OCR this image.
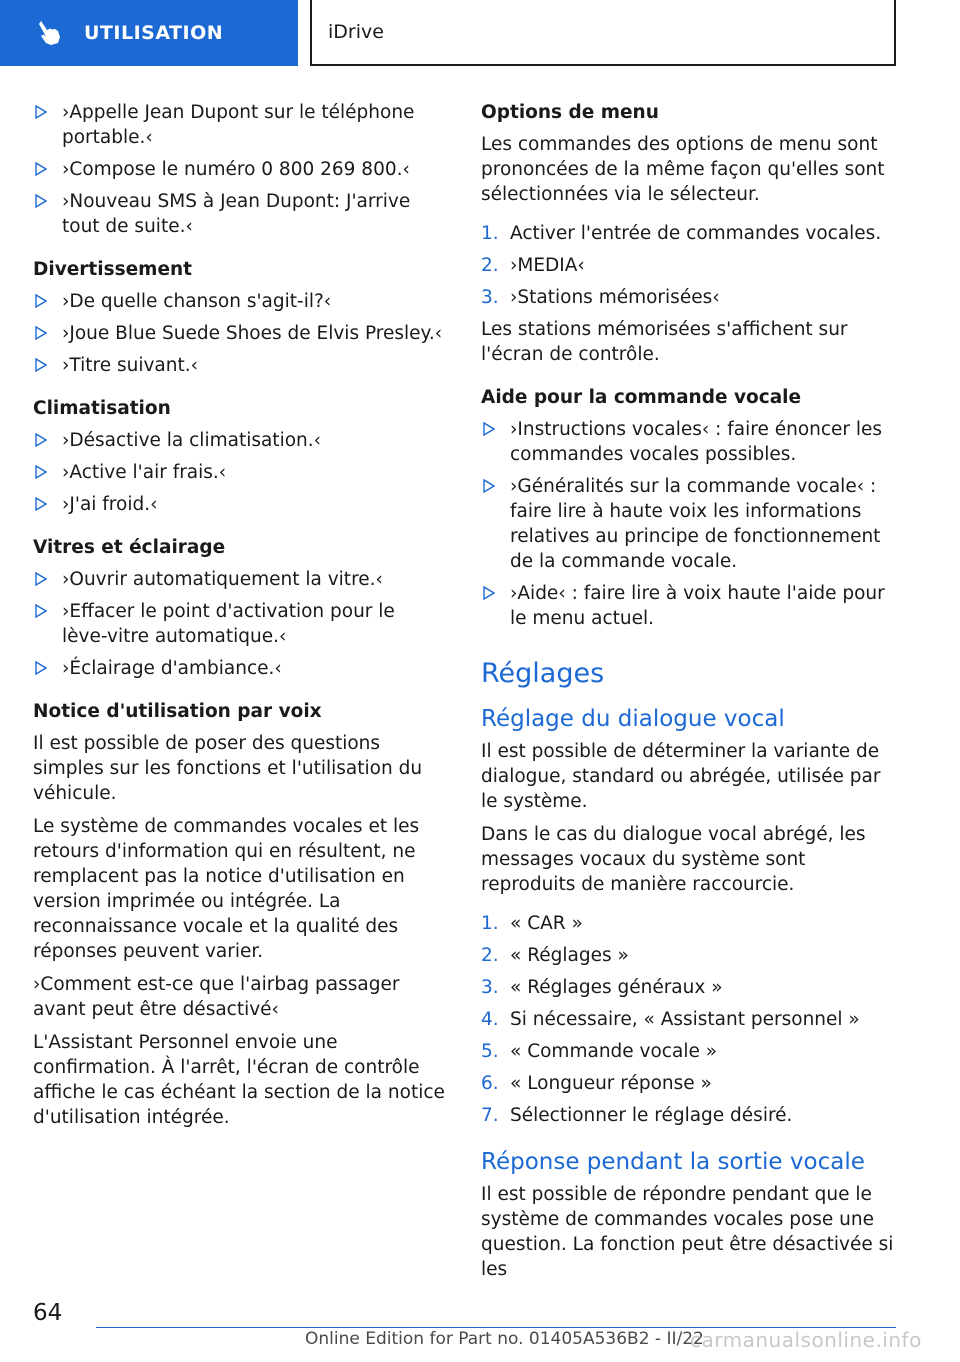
UTILISATION	iDrive
›Appelle Jean Dupont sur le téléphone portable.‹
›Compose le numéro 0 800 269 800.‹
›Nouveau SMS à Jean Dupont: J'arrive tout de suite.‹
Divertissement
›De quelle chanson s'agit-il?‹
›Joue Blue Suede Shoes de Elvis Presley.‹
›Titre suivant.‹
Climatisation
›Désactive la climatisation.‹
›Active l'air frais.‹
›J'ai froid.‹
Vitres et éclairage
›Ouvrir automatiquement la vitre.‹
›Effacer le point d'activation pour le lève-vitre automatique.‹
›Éclairage d'ambiance.‹
Notice d'utilisation par voix

Il est possible de poser des questions simples sur les fonctions et l'utilisation du véhicule.

Le système de commandes vocales et les retours d'information qui en résultent, ne remplacent pas la notice d'utilisation en version imprimée ou intégrée. La reconnaissance vocale et la qualité des réponses peuvent varier.

›Comment est-ce que l'airbag passager avant peut être désactivé‹

L'Assistant Personnel envoie une confirmation. À l'arrêt, l'écran de contrôle affiche le cas échéant la section de la notice d'utilisation intégrée.

Options de menu

Les commandes des options de menu sont prononcées de la même façon qu'elles sont sélectionnées via le sélecteur.

1. Activer l'entrée de commandes vocales.
2. ›MEDIA‹
3. ›Stations mémorisées‹

Les stations mémorisées s'affichent sur l'écran de contrôle.

Aide pour la commande vocale
›Instructions vocales‹ : faire énoncer les commandes vocales possibles.
›Généralités sur la commande vocale‹ : faire lire à haute voix les informations relatives au principe de fonctionnement de la commande vocale.
›Aide‹ : faire lire à voix haute l'aide pour le menu actuel.
Réglages
Réglage du dialogue vocal

Il est possible de déterminer la variante de dialogue, standard ou abrégée, utilisée par le système.

Dans le cas du dialogue vocal abrégé, les messages vocaux du système sont reproduits de manière raccourcie.

1. « CAR »
2. « Réglages »
3. « Réglages généraux »
4. Si nécessaire, « Assistant personnel »
5. « Commande vocale »
6. « Longueur réponse »
7. Sélectionner le réglage désiré.
Réponse pendant la sortie vocale

Il est possible de répondre pendant que le système de commandes vocales pose une question. La fonction peut être désactivée si les

64
Online Edition for Part no. 01405A536B2 - II/22
carmanualsonline.info
